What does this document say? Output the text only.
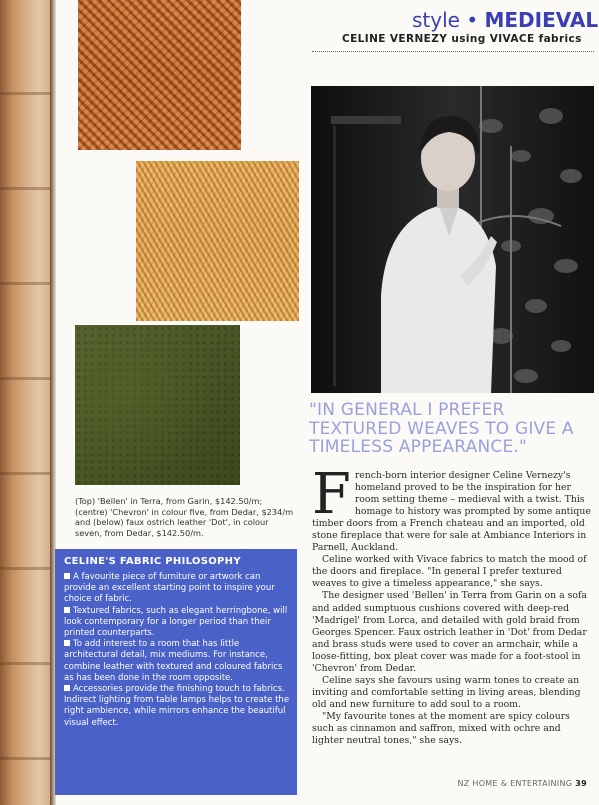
style • MEDIEVAL
CELINE VERNEZY using VIVACE fabrics
(Top) 'Bellen' in Terra, from Garin, $142.50/m; (centre) 'Chevron' in colour five, from Dedar, $234/m and (below) faux ostrich leather 'Dot', in colour seven, from Dedar, $142.50/m.
CELINE'S FABRIC PHILOSOPHY
A favourite piece of furniture or artwork can provide an excellent starting point to inspire your choice of fabric.
Textured fabrics, such as elegant herringbone, will look contemporary for a longer period than their printed counterparts.
To add interest to a room that has little architectural detail, mix mediums. For instance, combine leather with textured and coloured fabrics as has been done in the room opposite.
Accessories provide the finishing touch to fabrics. Indirect lighting from table lamps helps to create the right ambience, while mirrors enhance the beautiful visual effect.
"IN GENERAL I PREFER TEXTURED WEAVES TO GIVE A TIMELESS APPEARANCE."

French-born interior designer Celine Vernezy's homeland proved to be the inspiration for her room setting theme – medieval with a twist. This homage to history was prompted by some antique timber doors from a French chateau and an imported, old stone fireplace that were for sale at Ambiance Interiors in Parnell, Auckland.

Celine worked with Vivace fabrics to match the mood of the doors and fireplace. "In general I prefer textured weaves to give a timeless appearance," she says.

The designer used 'Bellen' in Terra from Garin on a sofa and added sumptuous cushions covered with deep-red 'Madrigel' from Lorca, and detailed with gold braid from Georges Spencer. Faux ostrich leather in 'Dot' from Dedar and brass studs were used to cover an armchair, while a loose-fitting, box pleat cover was made for a foot-stool in 'Chevron' from Dedar.

Celine says she favours using warm tones to create an inviting and comfortable setting in living areas, blending old and new furniture to add soul to a room.

"My favourite tones at the moment are spicy colours such as cinnamon and saffron, mixed with ochre and lighter neutral tones," she says.

NZ HOME & ENTERTAINING 39
